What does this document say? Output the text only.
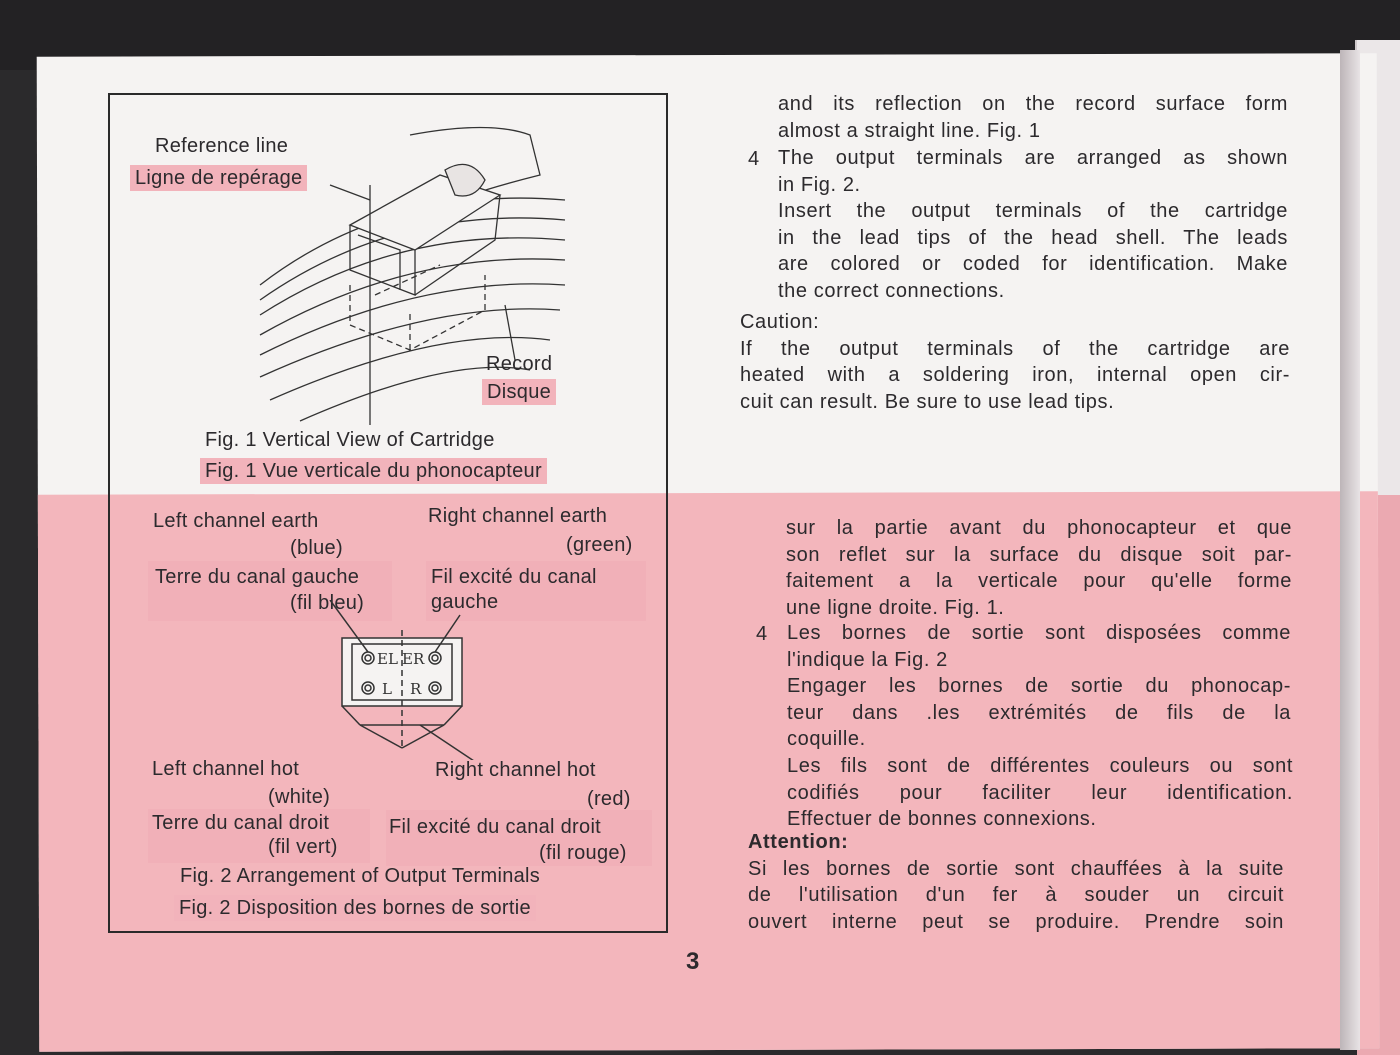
Reference line
Ligne de repérage
Record
Disque
Fig. 1 Vertical View of Cartridge
Fig. 1 Vue verticale du phonocapteur
Left channel earth
(blue)
Terre du canal gauche
(fil bleu)
Right channel earth
(green)
Fil excité du canal
gauche
EL ER
L R
Left channel hot
(white)
Terre du canal droit
(fil vert)
Right channel hot
(red)
Fil excité du canal droit
(fil rouge)
Fig. 2 Arrangement of Output Terminals
Fig. 2 Disposition des bornes de sortie
and its reflection on the record surface form
almost a straight line. Fig. 1
4 The output terminals are arranged as shown
in Fig. 2.
Insert the output terminals of the cartridge
in the lead tips of the head shell. The leads
are colored or coded for identification. Make
the correct connections.
Caution:
If the output terminals of the cartridge are
heated with a soldering iron, internal open cir-
cuit can result. Be sure to use lead tips.
sur la partie avant du phonocapteur et que
son reflet sur la surface du disque soit par-
faitement a la verticale pour qu'elle forme
une ligne droite. Fig. 1.
4 Les bornes de sortie sont disposées comme
l'indique la Fig. 2
Engager les bornes de sortie du phonocap-
teur dans .les extrémités de fils de la
coquille.
Les fils sont de différentes couleurs ou sont
codifiés pour faciliter leur identification.
Effectuer de bonnes connexions.
Attention:
Si les bornes de sortie sont chauffées à la suite
de l'utilisation d'un fer à souder un circuit
ouvert interne peut se produire. Prendre soin
3
